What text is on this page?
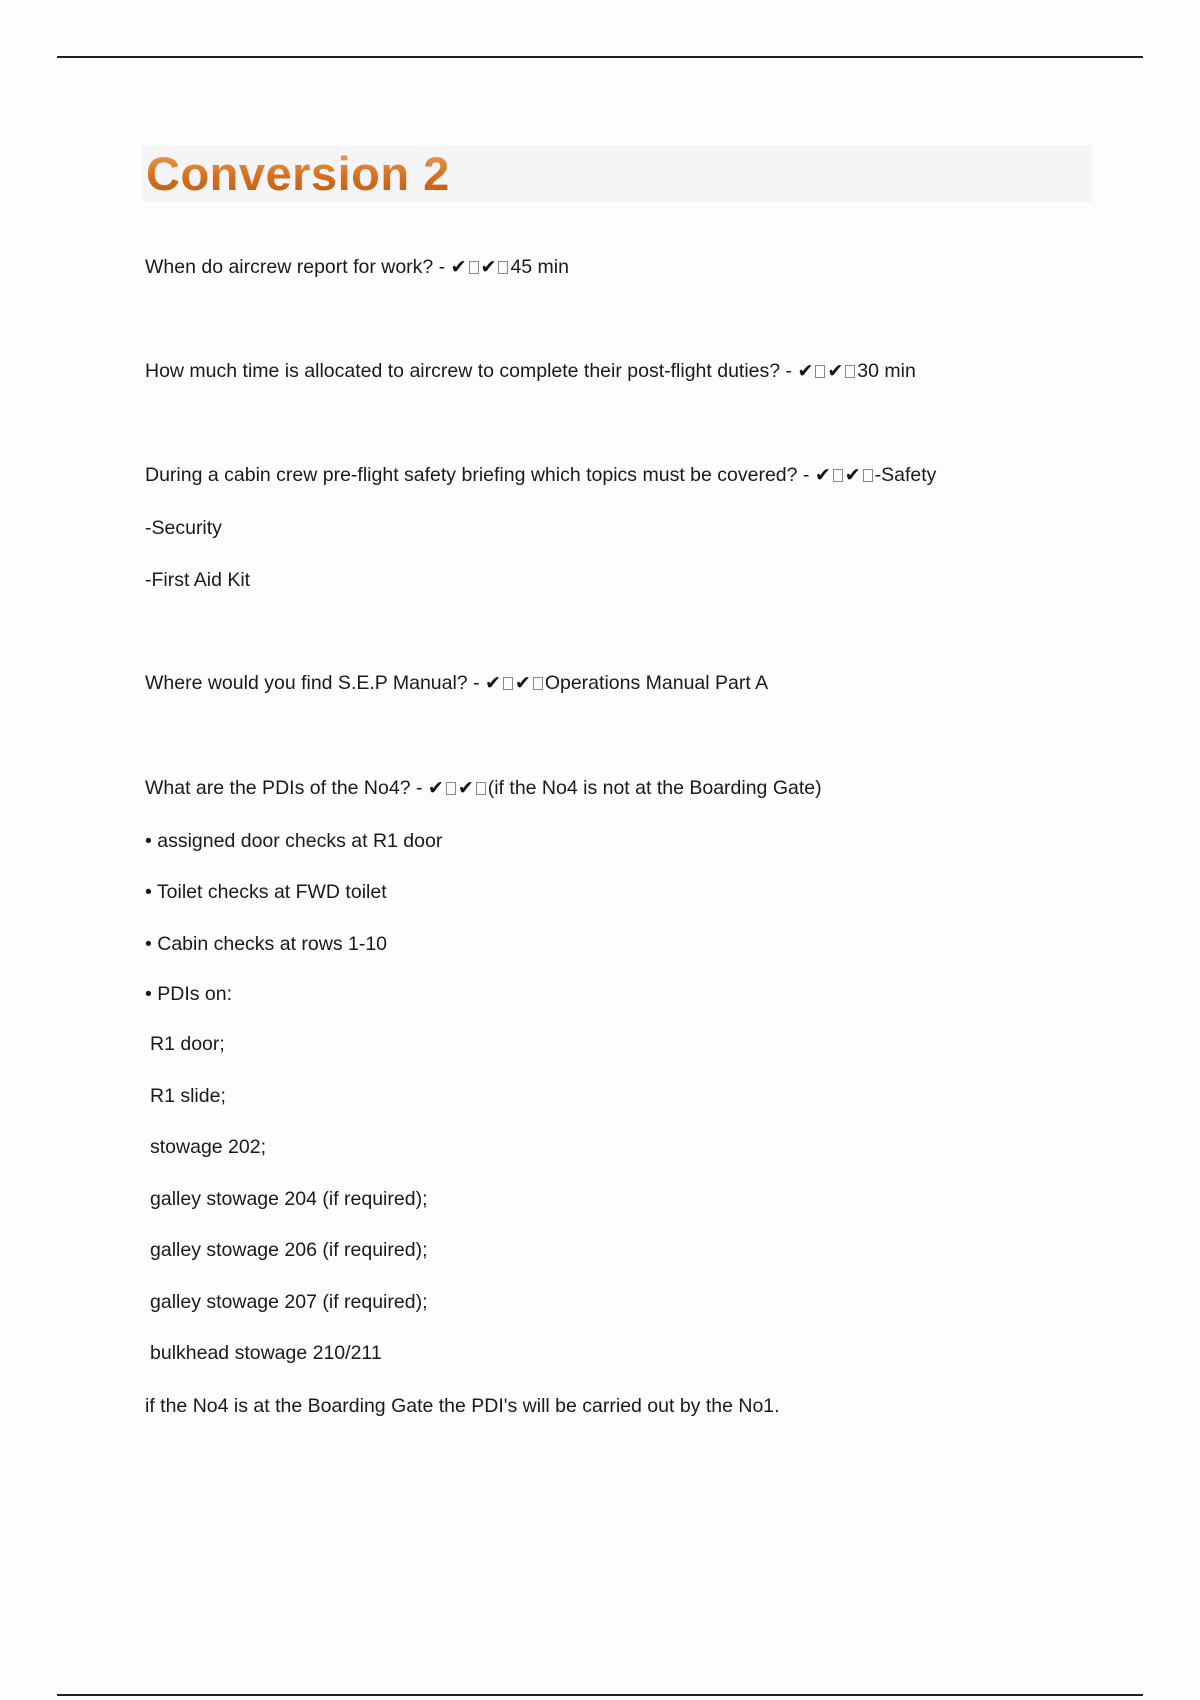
Conversion 2

When do aircrew report for work? - ✔ ✔ 45 min

How much time is allocated to aircrew to complete their post-flight duties? - ✔ ✔ 30 min

During a cabin crew pre-flight safety briefing which topics must be covered? - ✔ ✔ -Safety

-Security

-First Aid Kit

Where would you find S.E.P Manual? - ✔ ✔ Operations Manual Part A

What are the PDIs of the No4? - ✔ ✔ (if the No4 is not at the Boarding Gate)

• assigned door checks at R1 door

• Toilet checks at FWD toilet

• Cabin checks at rows 1-10

• PDIs on:

R1 door;

R1 slide;

stowage 202;

galley stowage 204 (if required);

galley stowage 206 (if required);

galley stowage 207 (if required);

bulkhead stowage 210/211

if the No4 is at the Boarding Gate the PDI's will be carried out by the No1.
